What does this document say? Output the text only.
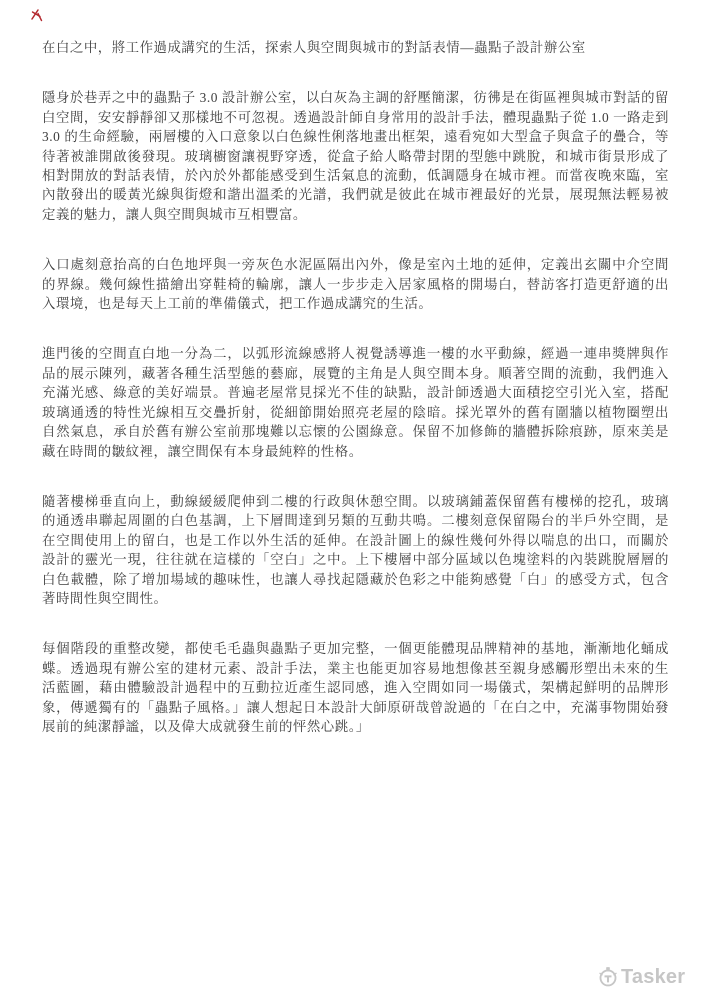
在白之中，將工作過成講究的生活，探索人與空間與城市的對話表情—蟲點子設計辦公室

隱身於巷弄之中的蟲點子 3.0 設計辦公室，以白灰為主調的舒壓簡潔，彷彿是在街區裡與城市對話的留白空間，安安靜靜卻又那樣地不可忽視。透過設計師自身常用的設計手法，體現蟲點子從 1.0 一路走到 3.0 的生命經驗，兩層樓的入口意象以白色線性俐落地畫出框架，遠看宛如大型盒子與盒子的疊合，等待著被誰開啟後發現。玻璃櫥窗讓視野穿透，從盒子給人略帶封閉的型態中跳脫，和城市街景形成了相對開放的對話表情，於內於外都能感受到生活氣息的流動，低調隱身在城市裡。而當夜晚來臨，室內散發出的暖黃光線與街燈和諧出溫柔的光譜，我們就是彼此在城市裡最好的光景，展現無法輕易被定義的魅力，讓人與空間與城市互相豐富。

入口處刻意抬高的白色地坪與一旁灰色水泥區隔出內外，像是室內土地的延伸，定義出玄關中介空間的界線。幾何線性描繪出穿鞋椅的輪廓，讓人一步步走入居家風格的開場白，替訪客打造更舒適的出入環境，也是每天上工前的準備儀式，把工作過成講究的生活。

進門後的空間直白地一分為二，以弧形流線感將人視覺誘導進一樓的水平動線，經過一連串獎牌與作品的展示陳列，藏著各種生活型態的藝廊，展覽的主角是人與空間本身。順著空間的流動，我們進入充滿光感、綠意的美好端景。普遍老屋常見採光不佳的缺點，設計師透過大面積挖空引光入室，搭配玻璃通透的特性光線相互交疊折射，從細節開始照亮老屋的陰暗。採光罩外的舊有圍牆以植物圈塑出自然氣息，承自於舊有辦公室前那塊難以忘懷的公園綠意。保留不加修飾的牆體拆除痕跡，原來美是藏在時間的皺紋裡，讓空間保有本身最純粹的性格。

隨著樓梯垂直向上，動線緩緩爬伸到二樓的行政與休憩空間。以玻璃鋪蓋保留舊有樓梯的挖孔，玻璃的通透串聯起周圍的白色基調，上下層間達到另類的互動共鳴。二樓刻意保留陽台的半戶外空間，是在空間使用上的留白，也是工作以外生活的延伸。在設計圖上的線性幾何外得以喘息的出口，而關於設計的靈光一現，往往就在這樣的「空白」之中。上下樓層中部分區域以色塊塗料的內裝跳脫層層的白色載體，除了增加場域的趣味性，也讓人尋找起隱藏於色彩之中能夠感覺「白」的感受方式，包含著時間性與空間性。

每個階段的重整改變，都使毛毛蟲與蟲點子更加完整，一個更能體現品牌精神的基地，漸漸地化蛹成蝶。透過現有辦公室的建材元素、設計手法，業主也能更加容易地想像甚至親身感觸形塑出未來的生活藍圖，藉由體驗設計過程中的互動拉近產生認同感，進入空間如同一場儀式，架構起鮮明的品牌形象，傳遞獨有的「蟲點子風格。」讓人想起日本設計大師原研哉曾說過的「在白之中，充滿事物開始發展前的純潔靜謐，以及偉大成就發生前的怦然心跳。」

Tasker
